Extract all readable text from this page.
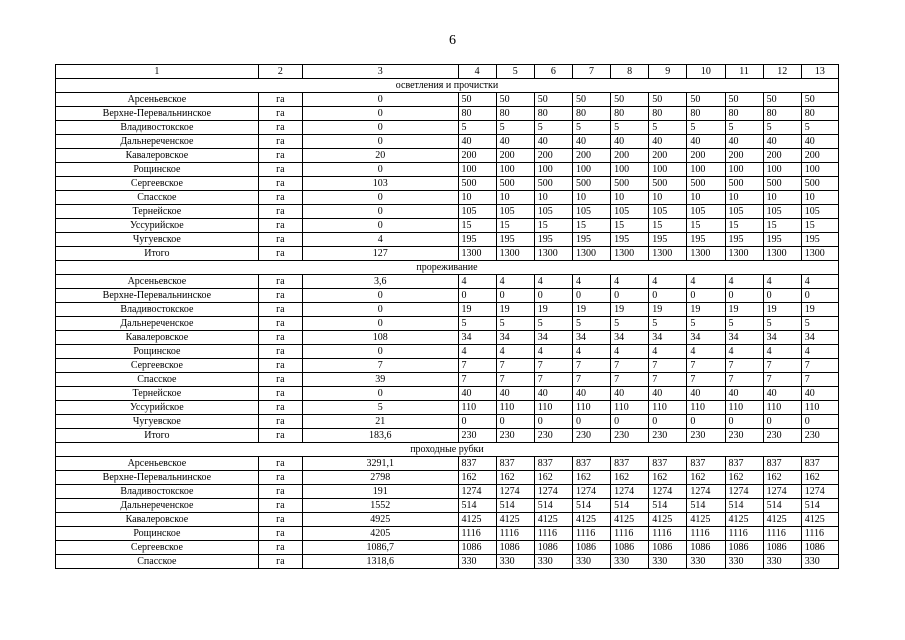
6
1	2	3	4	5	6	7	8	9	10	11	12	13
осветления и прочистки												
Арсеньевское	га	0	50	50	50	50	50	50	50	50	50	50
Верхне-Перевальнинское	га	0	80	80	80	80	80	80	80	80	80	80
Владивостокское	га	0	5	5	5	5	5	5	5	5	5	5
Дальнереченское	га	0	40	40	40	40	40	40	40	40	40	40
Кавалеровское	га	20	200	200	200	200	200	200	200	200	200	200
Рощинское	га	0	100	100	100	100	100	100	100	100	100	100
Сергеевское	га	103	500	500	500	500	500	500	500	500	500	500
Спасское	га	0	10	10	10	10	10	10	10	10	10	10
Тернейское	га	0	105	105	105	105	105	105	105	105	105	105
Уссурийское	га	0	15	15	15	15	15	15	15	15	15	15
Чугуевское	га	4	195	195	195	195	195	195	195	195	195	195
Итого	га	127	1300	1300	1300	1300	1300	1300	1300	1300	1300	1300
прореживание												
Арсеньевское	га	3,6	4	4	4	4	4	4	4	4	4	4
Верхне-Перевальнинское	га	0	0	0	0	0	0	0	0	0	0	0
Владивостокское	га	0	19	19	19	19	19	19	19	19	19	19
Дальнереченское	га	0	5	5	5	5	5	5	5	5	5	5
Кавалеровское	га	108	34	34	34	34	34	34	34	34	34	34
Рощинское	га	0	4	4	4	4	4	4	4	4	4	4
Сергеевское	га	7	7	7	7	7	7	7	7	7	7	7
Спасское	га	39	7	7	7	7	7	7	7	7	7	7
Тернейское	га	0	40	40	40	40	40	40	40	40	40	40
Уссурийское	га	5	110	110	110	110	110	110	110	110	110	110
Чугуевское	га	21	0	0	0	0	0	0	0	0	0	0
Итого	га	183,6	230	230	230	230	230	230	230	230	230	230
проходные рубки												
Арсеньевское	га	3291,1	837	837	837	837	837	837	837	837	837	837
Верхне-Перевальнинское	га	2798	162	162	162	162	162	162	162	162	162	162
Владивостокское	га	191	1274	1274	1274	1274	1274	1274	1274	1274	1274	1274
Дальнереченское	га	1552	514	514	514	514	514	514	514	514	514	514
Кавалеровское	га	4925	4125	4125	4125	4125	4125	4125	4125	4125	4125	4125
Рощинское	га	4205	1116	1116	1116	1116	1116	1116	1116	1116	1116	1116
Сергеевское	га	1086,7	1086	1086	1086	1086	1086	1086	1086	1086	1086	1086
Спасское	га	1318,6	330	330	330	330	330	330	330	330	330	330
